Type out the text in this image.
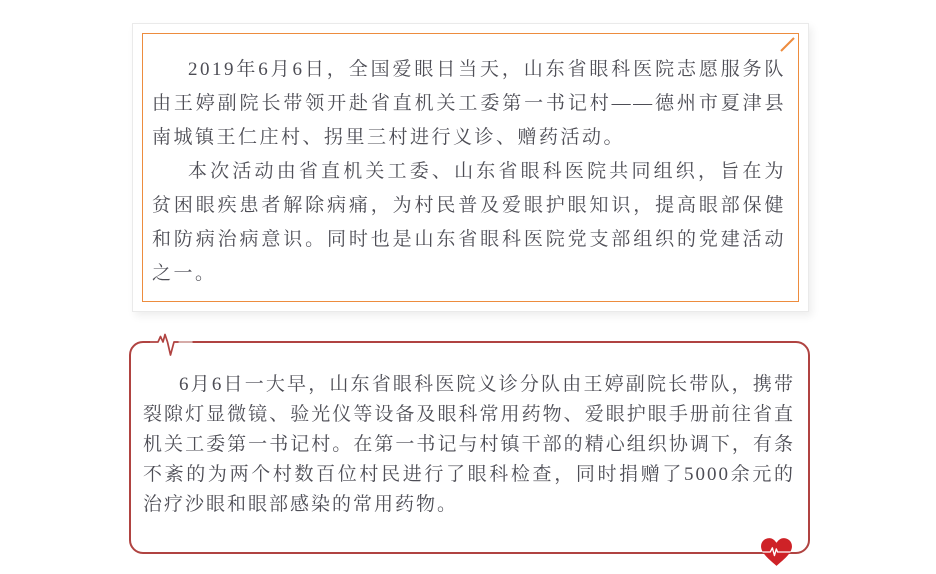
2019年6月6日，全国爱眼日当天，山东省眼科医院志愿服务队由王婷副院长带领开赴省直机关工委第一书记村——德州市夏津县南城镇王仁庄村、拐里三村进行义诊、赠药活动。

本次活动由省直机关工委、山东省眼科医院共同组织，旨在为贫困眼疾患者解除病痛，为村民普及爱眼护眼知识，提高眼部保健和防病治病意识。同时也是山东省眼科医院党支部组织的党建活动之一。

6月6日一大早，山东省眼科医院义诊分队由王婷副院长带队，携带裂隙灯显微镜、验光仪等设备及眼科常用药物、爱眼护眼手册前往省直机关工委第一书记村。在第一书记与村镇干部的精心组织协调下，有条不紊的为两个村数百位村民进行了眼科检查，同时捐赠了5000余元的治疗沙眼和眼部感染的常用药物。
